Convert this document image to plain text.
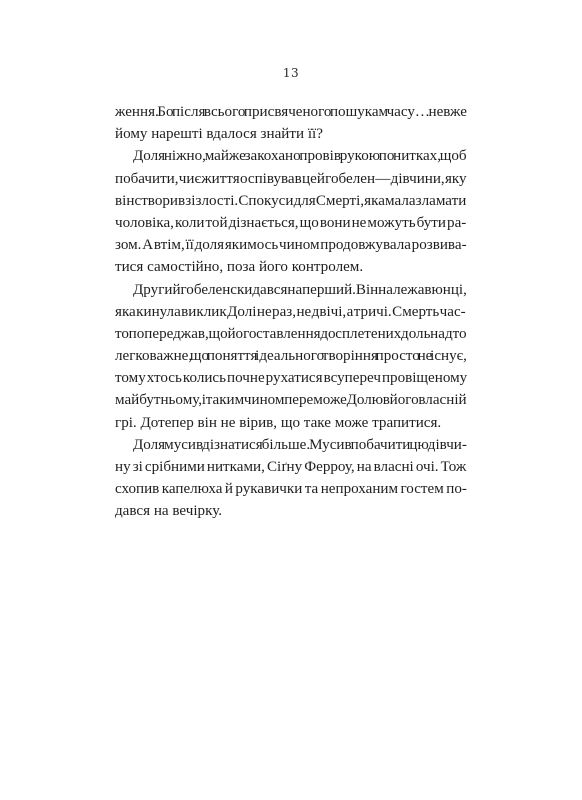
13
ження. Бо після всього присвяченого пошукам часу… невже
йому нарешті вдалося знайти її?
Доля ніжно, майже закохано провів рукою по нитках, щоб
побачити, чиє життя оспівував цей гобелен — дівчини, яку
він створив зі злості. Спокуси для Смерті, яка мала зламати
чоловіка, коли той дізнається, що вони не можуть бути ра-
зом. А втім, її доля якимось чином продовжувала розвива-
тися самостійно, поза його контролем.
Другий гобелен скидався на перший. Він належав юнці,
яка кинула виклик Долі не раз, не двічі, а тричі. Смерть час-
то попереджав, що його ставлення до сплетених доль надто
легковажне, що поняття ідеального творіння просто не існує,
тому хтось колись почне рухатися всупереч провіщеному
майбутньому, і таким чином переможе Долю в його власній
грі. Дотепер він не вірив, що таке може трапитися.
Доля мусив дізнатися більше. Мусив побачити цю дівчи-
ну зі срібними нитками, Сіґну Ферроу, на власні очі. Тож
схопив капелюха й рукавички та непроханим гостем по-
дався на вечірку.
